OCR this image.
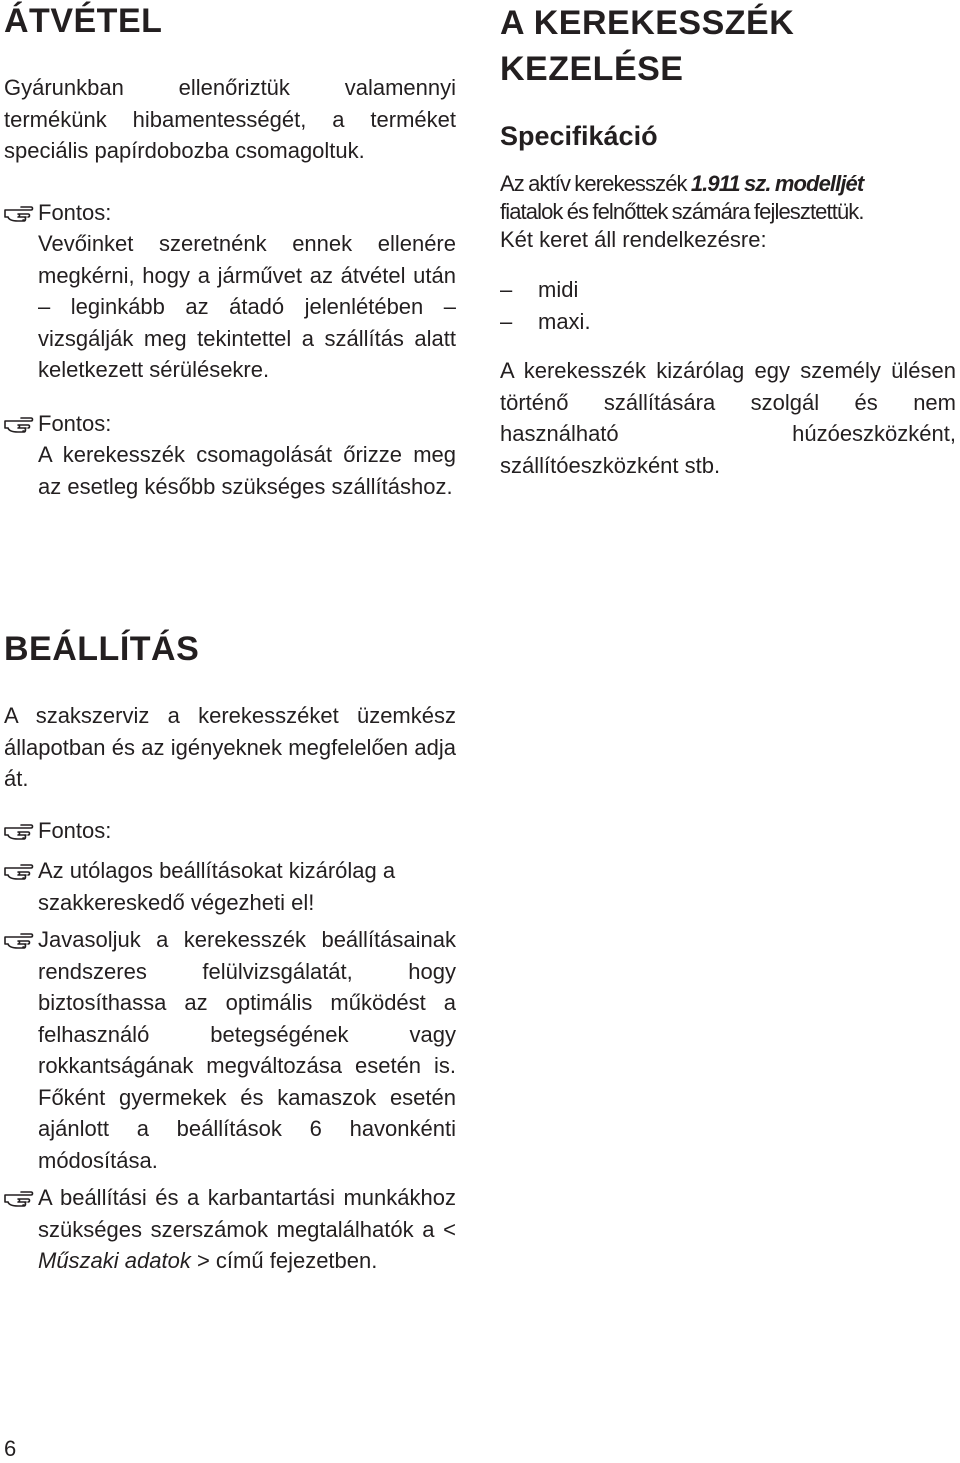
ÁTVÉTEL

Gyárunkban ellenőriztük valamennyi termékünk hibamentességét, a terméket speciális papírdobozba csomagoltuk.

Fontos:
Vevőinket szeretnénk ennek ellenére megkérni, hogy a járművet az átvétel után – leginkább az átadó jelenlétében – vizsgálják meg tekintettel a szállítás alatt keletkezett sérülésekre.
Fontos:
A kerekesszék csomagolását őrizze meg az esetleg később szükséges szállításhoz.
A KEREKESSZÉK KEZELÉSE
Specifikáció

Az aktív kerekesszék 1.911 sz. modelljét

fiatalok és felnőttek számára fejlesztettük.

Két keret áll rendelkezésre:

– midi
– maxi.

A kerekesszék kizárólag egy személy ülésen történő szállítására szolgál és nem használható húzóeszközként, szállítóeszközként stb.

BEÁLLÍTÁS

A szakszerviz a kerekesszéket üzemkész állapotban és az igényeknek megfelelően adja át.

Fontos:
Az utólagos beállításokat kizárólag a szakkereskedő végezheti el!
Javasoljuk a kerekesszék beállításainak rendszeres felülvizsgálatát, hogy biztosíthassa az optimális működést a felhasználó betegségének vagy rokkantságának megváltozása esetén is. Főként gyermekek és kamaszok esetén ajánlott a beállítások 6 havonkénti módosítása.
A beállítási és a karbantartási munkákhoz szükséges szerszámok megtalálhatók a < Műszaki adatok > című fejezetben.
6
